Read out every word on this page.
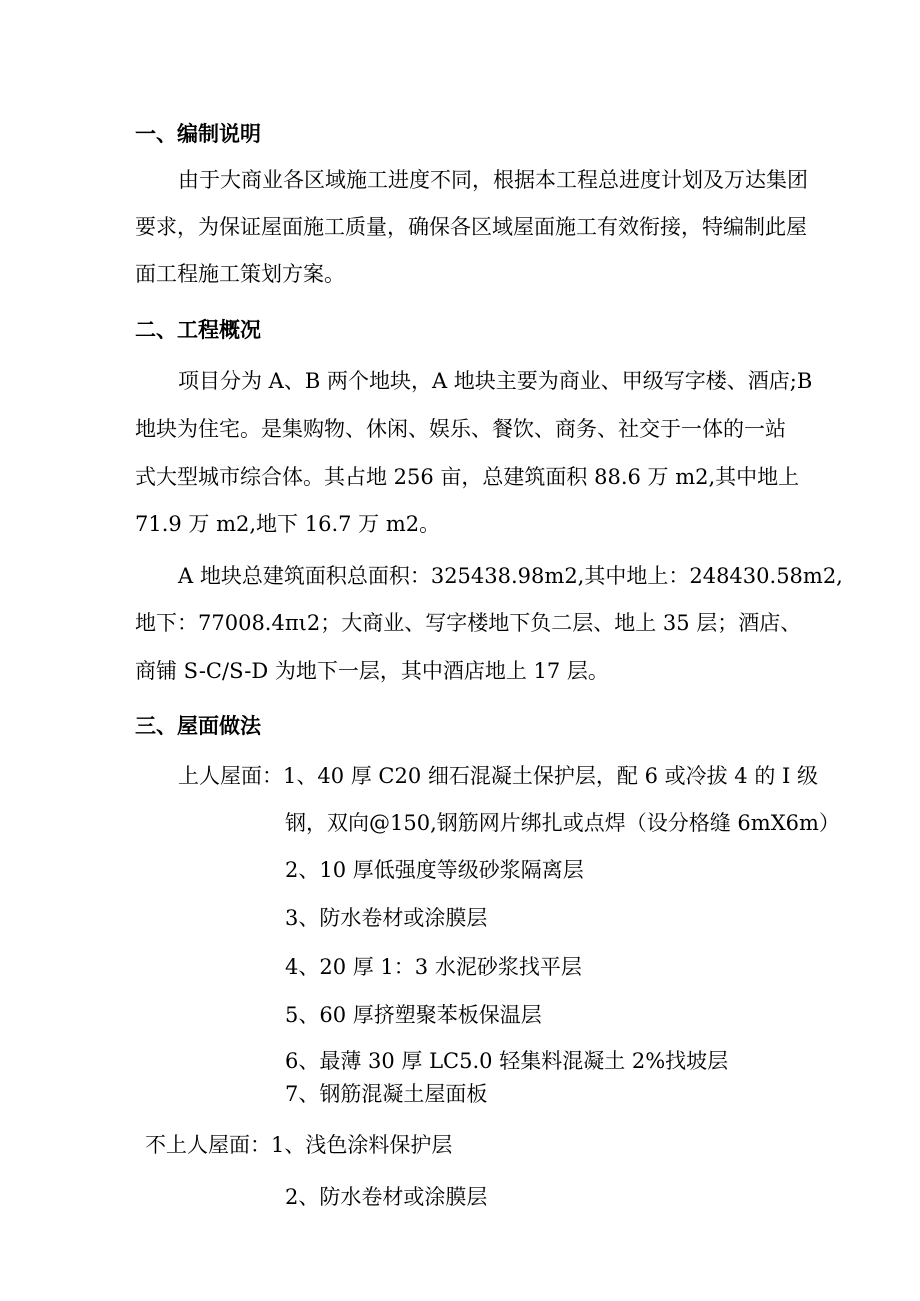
一、编制说明
由于大商业各区域施工进度不同，根据本工程总进度计划及万达集团
要求，为保证屋面施工质量，确保各区域屋面施工有效衔接，特编制此屋
面工程施工策划方案。
二、工程概况
项目分为 A、B 两个地块，A 地块主要为商业、甲级写字楼、酒店;B
地块为住宅。是集购物、休闲、娱乐、餐饮、商务、社交于一体的一站
式大型城市综合体。其占地 256 亩，总建筑面积 88.6 万 m2,其中地上
71.9 万 m2,地下 16.7 万 m2。
A 地块总建筑面积总面积：325438.98m2,其中地上：248430.58m2,
地下：77008.4πι2；大商业、写字楼地下负二层、地上 35 层；酒店、
商铺 S-C/S-D 为地下一层，其中酒店地上 17 层。
三、屋面做法
上人屋面：1、40 厚 C20 细石混凝土保护层，配 6 或冷拔 4 的 I 级
钢，双向@150,钢筋网片绑扎或点焊（设分格缝 6mX6m）
2、10 厚低强度等级砂浆隔离层
3、防水卷材或涂膜层
4、20 厚 1：3 水泥砂浆找平层
5、60 厚挤塑聚苯板保温层
6、最薄 30 厚 LC5.0 轻集料混凝土 2%找坡层
7、钢筋混凝土屋面板
不上人屋面：1、浅色涂料保护层
2、防水卷材或涂膜层
